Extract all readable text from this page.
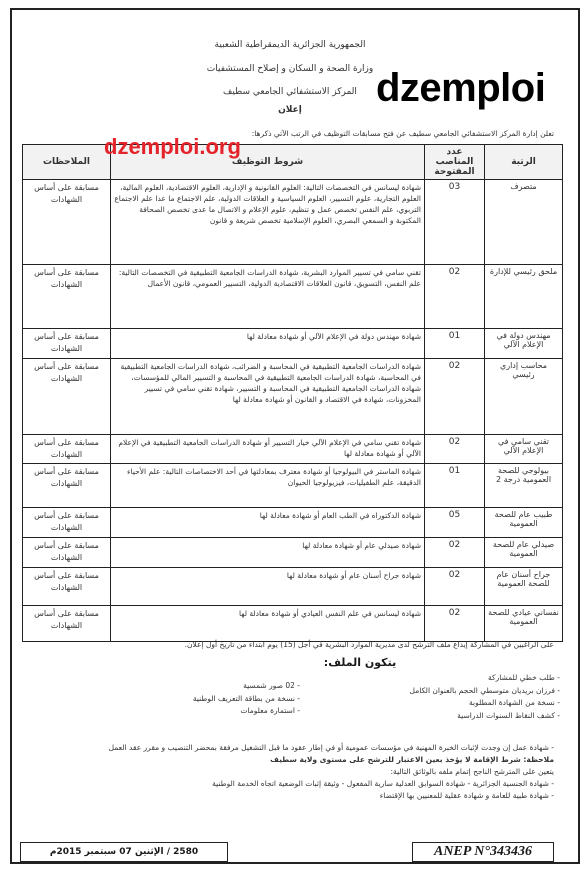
الجمهورية الجزائرية الديمقراطية الشعبية
وزارة الصحة و السكان و إصلاح المستشفيات
المركز الاستشفائي الجامعي سطيف
إعلان	dzemploi
تعلن إدارة المركز الاستشفائي الجامعي سطيف عن فتح مسابقات التوظيف في الرتب الآتي ذكرها:
الرتبة	عدد المناصب المفتوحة	شروط التوظيف	الملاحظات
متصرف	03	شهادة ليسانس في التخصصات التالية: العلوم القانونية و الإدارية، العلوم الاقتصادية، العلوم المالية، العلوم التجارية، علوم التسيير، العلوم السياسية و العلاقات الدولية، علم الاجتماع ما عدا علم الاجتماع التربوي، علم النفس تخصص عمل و تنظيم، علوم الإعلام و الاتصال ما عدى تخصص الصحافة المكتوبة و السمعي البصري، العلوم الإسلامية تخصص شريعة و قانون	مسابقة على أساس الشهادات
ملحق رئيسي للإدارة	02	تقني سامي في تسيير الموارد البشرية، شهادة الدراسات الجامعية التطبيقية في التخصصات التالية: علم النفس، التسويق، قانون العلاقات الاقتصادية الدولية، التسيير العمومي، قانون الأعمال	مسابقة على أساس الشهادات
مهندس دولة في الإعلام الآلي	01	شهادة مهندس دولة في الإعلام الآلي أو شهادة معادلة لها	مسابقة على أساس الشهادات
محاسب إداري رئيسي	02	شهادة الدراسات الجامعية التطبيقية في المحاسبة و الضرائب، شهادة الدراسات الجامعية التطبيقية في المحاسبة، شهادة الدراسات الجامعية التطبيقية في المحاسبة و التسيير المالي للمؤسسات، شهادة الدراسات الجامعية التطبيقية في المحاسبة و التسيير، شهادة تقني سامي في تسيير المخزونات، شهادة في الاقتصاد و القانون أو شهادة معادلة لها	مسابقة على أساس الشهادات
تقني سامي في الإعلام الآلي	02	شهادة تقني سامي في الإعلام الآلي خيار التسيير أو شهادة الدراسات الجامعية التطبيقية في الإعلام الآلي أو شهادة معادلة لها	مسابقة على أساس الشهادات
بيولوجي للصحة العمومية درجة 2	01	شهادة الماستر في البيولوجيا أو شهادة معترف بمعادلتها في أحد الاختصاصات التالية: علم الأحياء الدقيقة، علم الطفيليات، فيزيولوجيا الحيوان	مسابقة على أساس الشهادات
طبيب عام للصحة العمومية	05	شهادة الدكتوراه في الطب العام أو شهادة معادلة لها	مسابقة على أساس الشهادات
صيدلي عام للصحة العمومية	02	شهادة صيدلي عام أو شهادة معادلة لها	مسابقة على أساس الشهادات
جراح أسنان عام للصحة العمومية	02	شهادة جراح أسنان عام أو شهادة معادلة لها	مسابقة على أساس الشهادات
نفساني عيادي للصحة العمومية	02	شهادة ليسانس في علم النفس العيادي أو شهادة معادلة لها	مسابقة على أساس الشهادات
dzemploi.org
على الراغبين في المشاركة إيداع ملف الترشح لدى مديرية الموارد البشرية في أجل (15) يوم ابتداء من تاريخ أول إعلان.
يتكون الملف:
- طلب خطي للمشاركة
- فرزان بريديان متوسطي الحجم بالعنوان الكامل
- نسخة من الشهادة المطلوبة
- كشف النقاط السنوات الدراسية
- 02 صور شمسية
- نسخة من بطاقة التعريف الوطنية
- استمارة معلومات
- شهادة عمل إن وجدت لإثبات الخبرة المهنية في مؤسسات عمومية أو في إطار عقود ما قبل التشغيل مرفقة بمحضر التنصيب و مقرر عقد العمل
ملاحظة: شرط الإقامة لا يؤخذ بعين الاعتبار للترشح على مستوى ولاية سطيف
يتعين على المترشح الناجح إتمام ملفه بالوثائق التالية:
- شهادة الجنسية الجزائرية - شهادة السوابق العدلية سارية المفعول - وثيقة إثبات الوضعية اتجاه الخدمة الوطنية
- شهادة طبية للعامة و شهادة عقلية للمعنيين بها الإقتضاء
ANEP N°343436
2580 / الإثنين 07 سبتمبر 2015م
